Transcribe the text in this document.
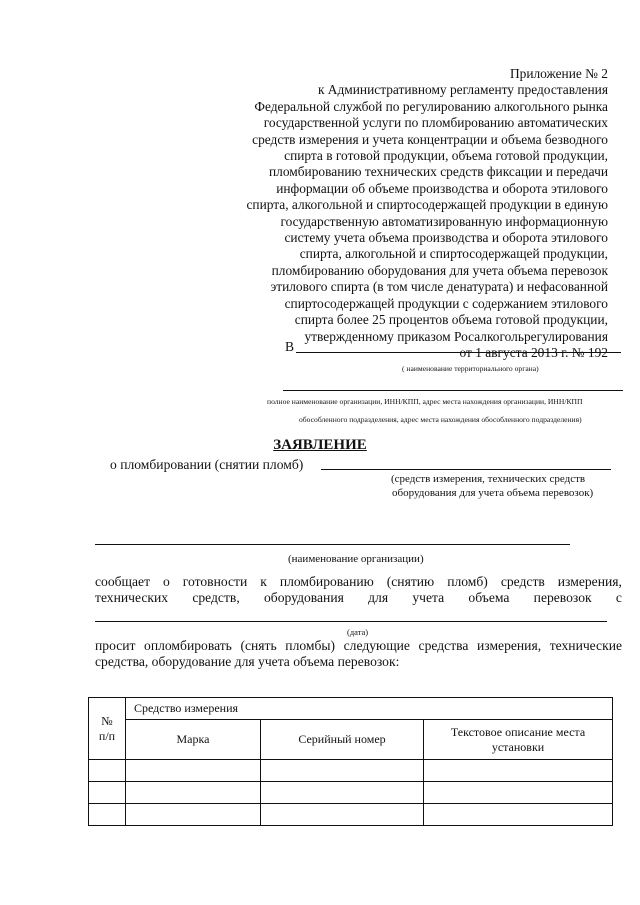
Приложение № 2
к Административному регламенту предоставления
Федеральной службой по регулированию алкогольного рынка
государственной услуги по пломбированию автоматических
средств измерения и учета концентрации и объема безводного
спирта в готовой продукции, объема готовой продукции,
пломбированию технических средств фиксации и передачи
информации об объеме производства и оборота этилового
спирта, алкогольной и спиртосодержащей продукции в единую
государственную автоматизированную информационную
систему учета объема производства и оборота этилового
спирта, алкогольной и спиртосодержащей продукции,
пломбированию оборудования для учета объема перевозок
этилового спирта (в том числе денатурата) и нефасованной
спиртосодержащей продукции с содержанием этилового
спирта более 25 процентов объема готовой продукции,
утвержденному приказом Росалкогольрегулирования
от 1 августа 2013 г. № 192
В
( наименование территориального органа)
полное наименование организации, ИНН/КПП, адрес места нахождения организации, ИНН/КПП
обособленного подразделения, адрес места нахождения обособленного подразделения)
ЗАЯВЛЕНИЕ
о пломбировании (снятии пломб)
(средств измерения, технических средств
оборудования для учета объема перевозок)
(наименование организации)
сообщает о готовности к пломбированию (снятию пломб) средств измерения,
технических средств, оборудования для учета объема перевозок с
(дата)
просит опломбировать (снять пломбы) следующие средства измерения, технические
средства, оборудование для учета объема перевозок:
№ п/п	Средство измерения		
	Марка	Серийный номер	Текстовое описание места установки
